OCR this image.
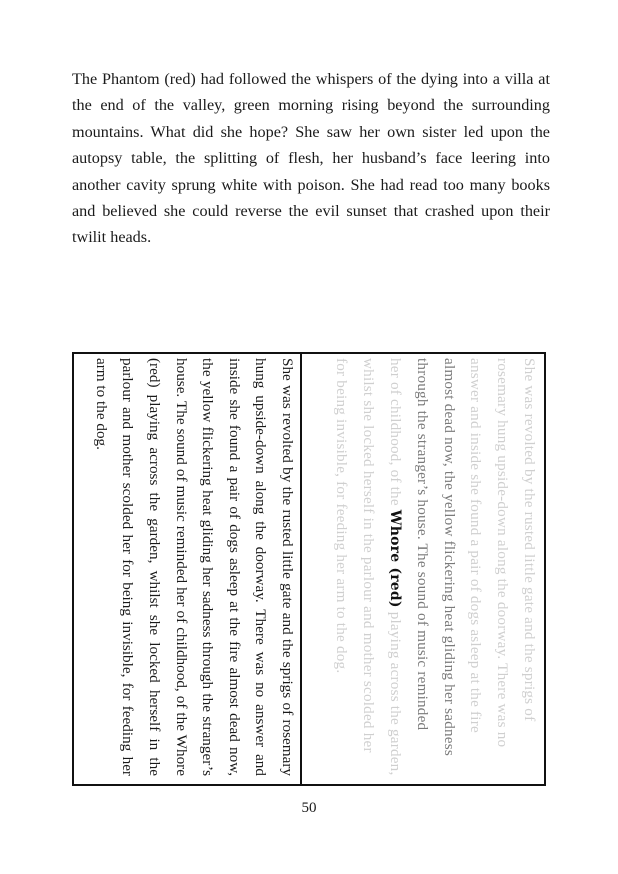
The Phantom (red) had followed the whispers of the dying into a villa at the end of the valley, green morning rising beyond the surrounding mountains. What did she hope? She saw her own sister led upon the autopsy table, the splitting of flesh, her husband’s face leering into another cavity sprung white with poison. She had read too many books and believed she could reverse the evil sunset that crashed upon their twilit heads.
She was revolted by the rusted little gate and the sprigs of rosemary hung upside-down along the doorway. There was no answer and inside she found a pair of dogs asleep at the fire almost dead now, the yellow flickering heat gliding her sadness through the stranger’s house. The sound of music reminded her of childhood, of the Whore (red) playing across the garden, whilst she locked herself in the parlour and mother scolded her for being invisible, for feeding her arm to the dog.	She was revolted by the rusted little gate and the sprigs of
rosemary hung upside-down along the doorway. There was no
answer and inside she found a pair of dogs asleep at the fire
almost dead now, the yellow flickering heat gliding her sadness
through the stranger’s house. The sound of music reminded
her of childhood, of the Whore (red) playing across the garden,
whilst she locked herself in the parlour and mother scolded her
for being invisible, for feeding her arm to the dog.
50
